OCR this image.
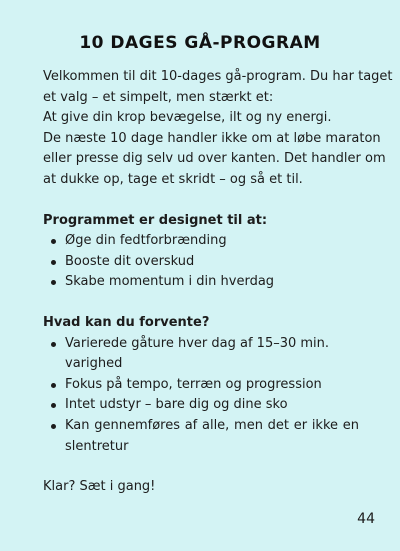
10 DAGES GÅ-PROGRAM

Velkommen til dit 10-dages gå-program. Du har taget
et valg – et simpelt, men stærkt et:
At give din krop bevægelse, ilt og ny energi.
De næste 10 dage handler ikke om at løbe maraton
eller presse dig selv ud over kanten. Det handler om
at dukke op, tage et skridt – og så et til.

Programmet er designet til at:

Øge din fedtforbrænding
Booste dit overskud
Skabe momentum i din hverdag

Hvad kan du forvente?

Varierede gåture hver dag af 15–30 min. varighed
Fokus på tempo, terræn og progression
Intet udstyr – bare dig og dine sko
Kan gennemføres af alle, men det er ikke en
slentretur

Klar? Sæt i gang!

44
